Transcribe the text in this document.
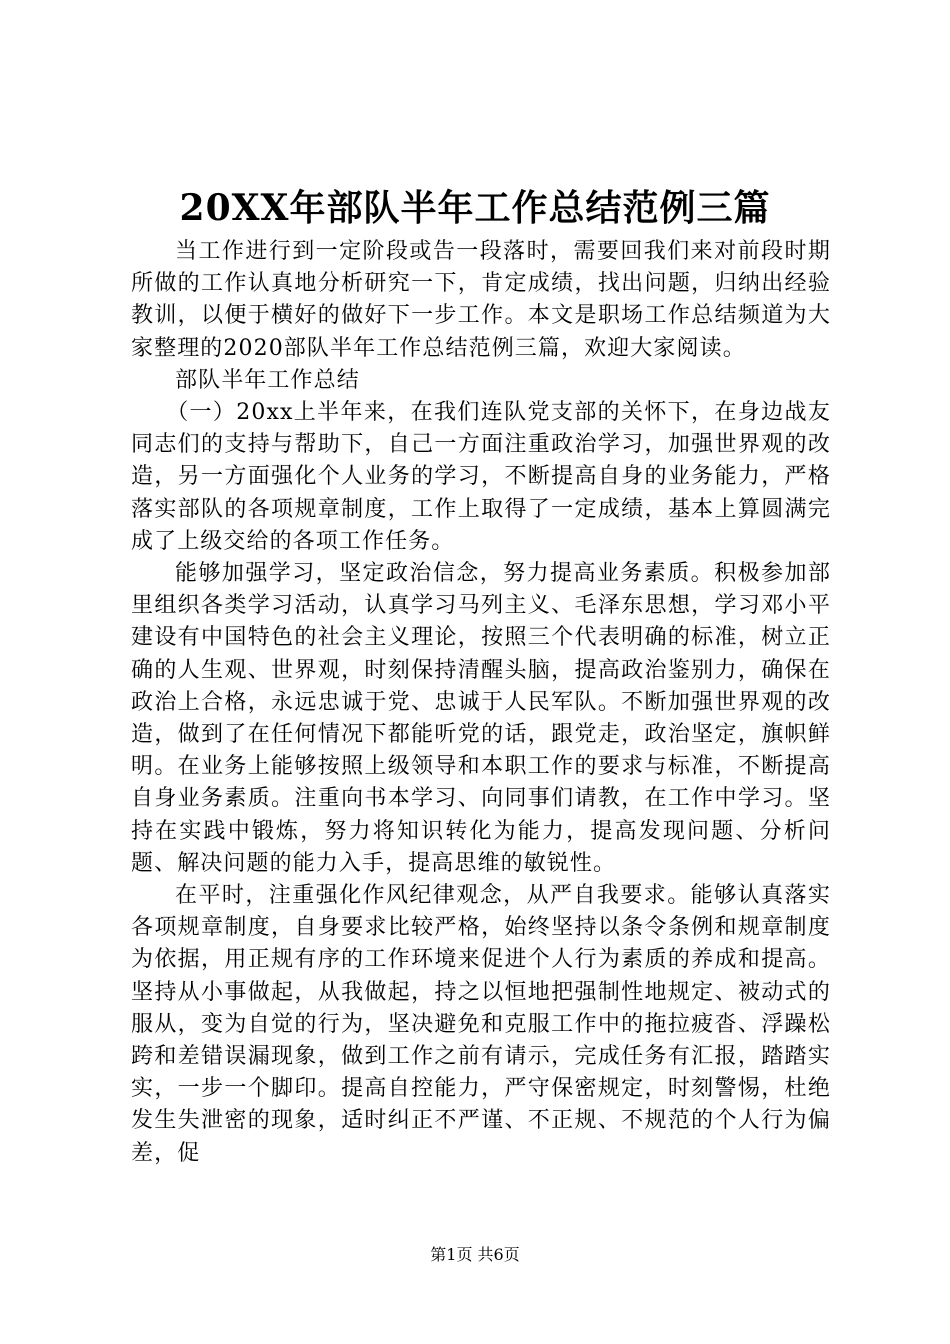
20XX年部队半年工作总结范例三篇

当工作进行到一定阶段或告一段落时，需要回我们来对前段时期所做的工作认真地分析研究一下，肯定成绩，找出问题，归纳出经验教训，以便于横好的做好下一步工作。本文是职场工作总结频道为大家整理的2020部队半年工作总结范例三篇，欢迎大家阅读。

部队半年工作总结

（一）20xx上半年来，在我们连队党支部的关怀下，在身边战友同志们的支持与帮助下，自己一方面注重政治学习，加强世界观的改造，另一方面强化个人业务的学习，不断提高自身的业务能力，严格落实部队的各项规章制度，工作上取得了一定成绩，基本上算圆满完成了上级交给的各项工作任务。

能够加强学习，坚定政治信念，努力提高业务素质。积极参加部里组织各类学习活动，认真学习马列主义、毛泽东思想，学习邓小平建设有中国特色的社会主义理论，按照三个代表明确的标准，树立正确的人生观、世界观，时刻保持清醒头脑，提高政治鉴别力，确保在政治上合格，永远忠诚于党、忠诚于人民军队。不断加强世界观的改造，做到了在任何情况下都能听党的话，跟党走，政治坚定，旗帜鲜明。在业务上能够按照上级领导和本职工作的要求与标准，不断提高自身业务素质。注重向书本学习、向同事们请教，在工作中学习。坚持在实践中锻炼，努力将知识转化为能力，提高发现问题、分析问题、解决问题的能力入手，提高思维的敏锐性。

在平时，注重强化作风纪律观念，从严自我要求。能够认真落实各项规章制度，自身要求比较严格，始终坚持以条令条例和规章制度为依据，用正规有序的工作环境来促进个人行为素质的养成和提高。坚持从小事做起，从我做起，持之以恒地把强制性地规定、被动式的服从，变为自觉的行为，坚决避免和克服工作中的拖拉疲沓、浮躁松跨和差错误漏现象，做到工作之前有请示，完成任务有汇报，踏踏实实，一步一个脚印。提高自控能力，严守保密规定，时刻警惕，杜绝发生失泄密的现象，适时纠正不严谨、不正规、不规范的个人行为偏差，促

第1页 共6页
